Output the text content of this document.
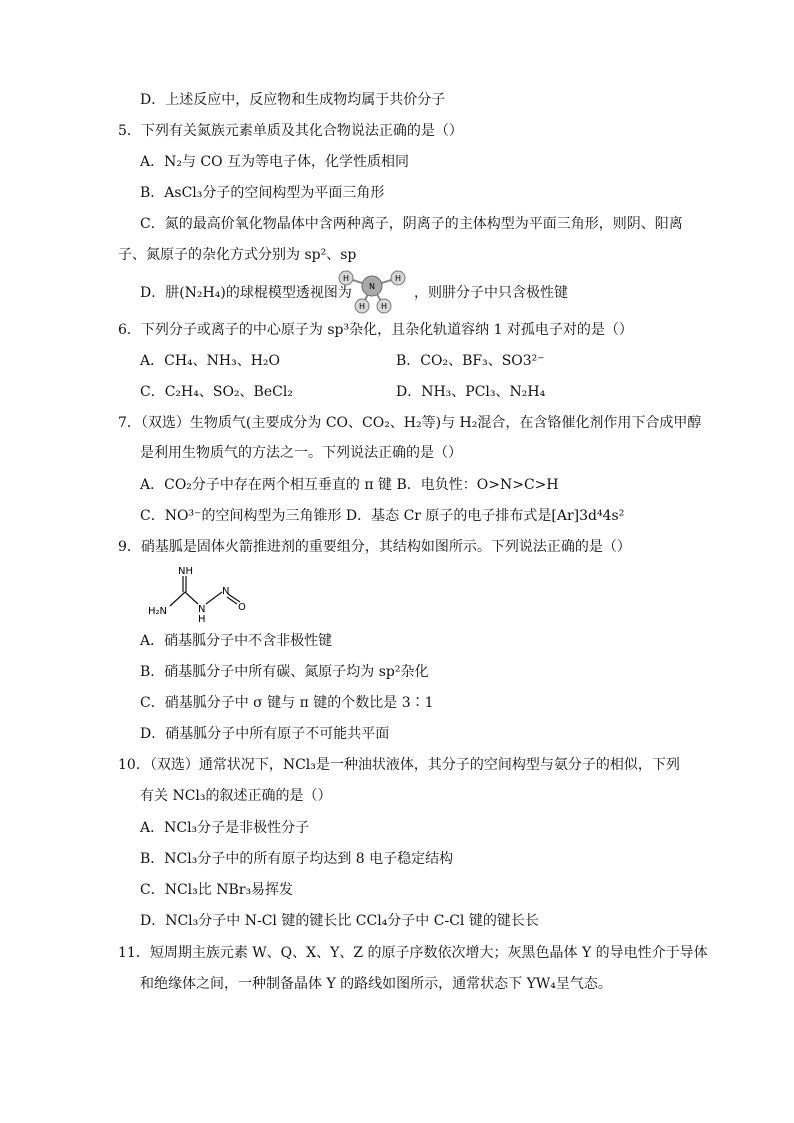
D．上述反应中，反应物和生成物均属于共价分子
5．下列有关氮族元素单质及其化合物说法正确的是（）
A．N₂与 CO 互为等电子体，化学性质相同
B．AsCl₃分子的空间构型为平面三角形
C．氮的最高价氧化物晶体中含两种离子，阴离子的主体构型为平面三角形，则阴、阳离
子、氮原子的杂化方式分别为 sp²、sp
D．肼(N₂H₄)的球棍模型透视图为
H	H
N
H H
，则肼分子中只含极性键
6．下列分子或离子的中心原子为 sp³杂化，且杂化轨道容纳 1 对孤电子对的是（）
A．CH₄、NH₃、H₂O	B．CO₂、BF₃、SO3²⁻
C．C₂H₄、SO₂、BeCl₂	D．NH₃、PCl₃、N₂H₄
7．（双选）生物质气(主要成分为 CO、CO₂、H₂等)与 H₂混合，在含铬催化剂作用下合成甲醇
是利用生物质气的方法之一。下列说法正确的是（）
A．CO₂分子中存在两个相互垂直的 π 键 B．电负性：O>N>C>H
C．NO³⁻的空间构型为三角锥形 D．基态 Cr 原子的电子排布式是[Ar]3d⁴4s²
9．硝基胍是固体火箭推进剂的重要组分，其结构如图所示。下列说法正确的是（）
NH
H₂N	N
H
N
O
A．硝基胍分子中不含非极性键
B．硝基胍分子中所有碳、氮原子均为 sp²杂化
C．硝基胍分子中 σ 键与 π 键的个数比是 3∶1
D．硝基胍分子中所有原子不可能共平面
10．（双选）通常状况下，NCl₃是一种油状液体，其分子的空间构型与氨分子的相似，下列
有关 NCl₃的叙述正确的是（）
A．NCl₃分子是非极性分子
B．NCl₃分子中的所有原子均达到 8 电子稳定结构
C．NCl₃比 NBr₃易挥发
D．NCl₃分子中 N-Cl 键的键长比 CCl₄分子中 C-Cl 键的键长长
11．短周期主族元素 W、Q、X、Y、Z 的原子序数依次增大；灰黑色晶体 Y 的导电性介于导体
和绝缘体之间，一种制备晶体 Y 的路线如图所示，通常状态下 YW₄呈气态。
